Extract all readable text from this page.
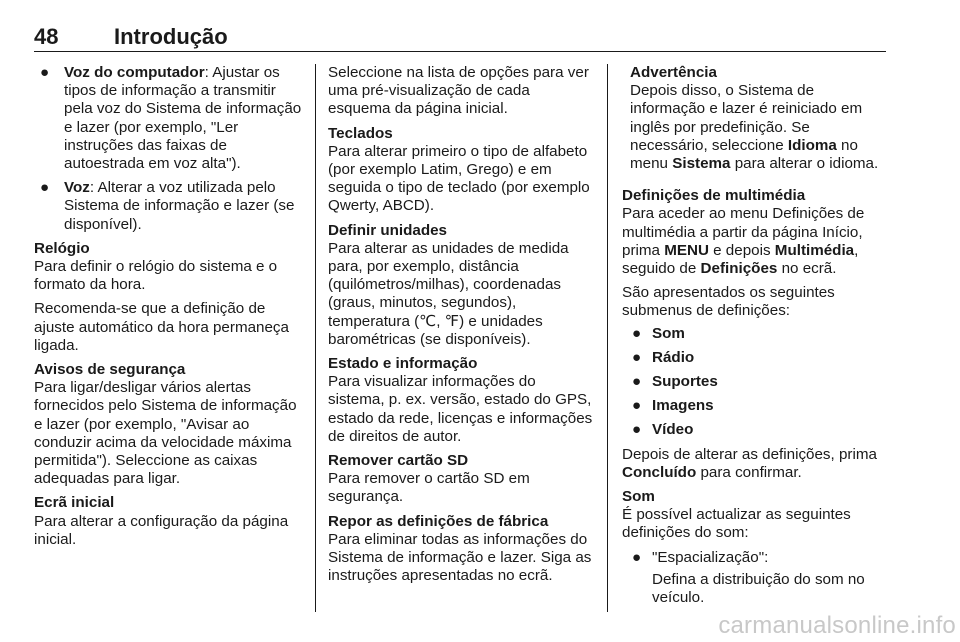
48	Introdução
● Voz do computador: Ajustar os tipos de informação a transmitir pela voz do Sistema de informação e lazer (por exemplo, "Ler instruções das faixas de autoestrada em voz alta").
● Voz: Alterar a voz utilizada pelo Sistema de informação e lazer (se disponível).
Relógio
Para definir o relógio do sistema e o formato da hora.
Recomenda-se que a definição de ajuste automático da hora permaneça ligada.
Avisos de segurança
Para ligar/desligar vários alertas fornecidos pelo Sistema de informação e lazer (por exemplo, "Avisar ao conduzir acima da velocidade máxima permitida"). Seleccione as caixas adequadas para ligar.
Ecrã inicial
Para alterar a configuração da página inicial.
Seleccione na lista de opções para ver uma pré-visualização de cada esquema da página inicial.
Teclados
Para alterar primeiro o tipo de alfabeto (por exemplo Latim, Grego) e em seguida o tipo de teclado (por exemplo Qwerty, ABCD).
Definir unidades
Para alterar as unidades de medida para, por exemplo, distância (quilómetros/milhas), coordenadas (graus, minutos, segundos), temperatura (℃, ℉) e unidades barométricas (se disponíveis).
Estado e informação
Para visualizar informações do sistema, p. ex. versão, estado do GPS, estado da rede, licenças e informações de direitos de autor.
Remover cartão SD
Para remover o cartão SD em segurança.
Repor as definições de fábrica
Para eliminar todas as informações do Sistema de informação e lazer. Siga as instruções apresentadas no ecrã.
Advertência
Depois disso, o Sistema de informação e lazer é reiniciado em inglês por predefinição. Se necessário, seleccione Idioma no menu Sistema para alterar o idioma.
Definições de multimédia
Para aceder ao menu Definições de multimédia a partir da página Início, prima MENU e depois Multimédia, seguido de Definições no ecrã.
São apresentados os seguintes submenus de definições:
● Som
● Rádio
● Suportes
● Imagens
● Vídeo
Depois de alterar as definições, prima Concluído para confirmar.
Som
É possível actualizar as seguintes definições do som:
● "Espacialização":
Defina a distribuição do som no veículo.
carmanualsonline.info
